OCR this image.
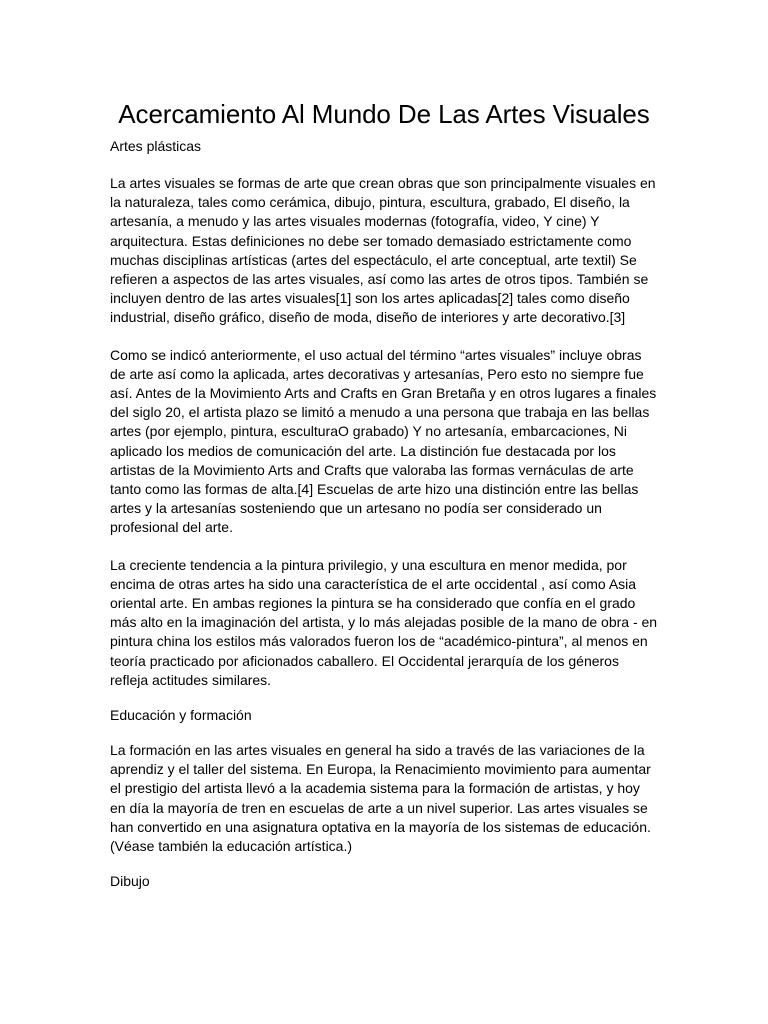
Acercamiento Al Mundo De Las Artes Visuales

Artes plásticas

La artes visuales se formas de arte que crean obras que son principalmente visuales en la naturaleza, tales como cerámica, dibujo, pintura, escultura, grabado, El diseño, la artesanía, a menudo y las artes visuales modernas (fotografía, video, Y cine) Y arquitectura. Estas definiciones no debe ser tomado demasiado estrictamente como muchas disciplinas artísticas (artes del espectáculo, el arte conceptual, arte textil) Se refieren a aspectos de las artes visuales, así como las artes de otros tipos. También se incluyen dentro de las artes visuales[1] son los artes aplicadas[2] tales como diseño industrial, diseño gráfico, diseño de moda, diseño de interiores y arte decorativo.[3]

Como se indicó anteriormente, el uso actual del término “artes visuales” incluye obras de arte así como la aplicada, artes decorativas y artesanías, Pero esto no siempre fue así. Antes de la Movimiento Arts and Crafts en Gran Bretaña y en otros lugares a finales del siglo 20, el artista plazo se limitó a menudo a una persona que trabaja en las bellas artes (por ejemplo, pintura, esculturaO grabado) Y no artesanía, embarcaciones, Ni aplicado los medios de comunicación del arte. La distinción fue destacada por los artistas de la Movimiento Arts and Crafts que valoraba las formas vernáculas de arte tanto como las formas de alta.[4] Escuelas de arte hizo una distinción entre las bellas artes y la artesanías sosteniendo que un artesano no podía ser considerado un profesional del arte.

La creciente tendencia a la pintura privilegio, y una escultura en menor medida, por encima de otras artes ha sido una característica de el arte occidental , así como Asia oriental arte. En ambas regiones la pintura se ha considerado que confía en el grado más alto en la imaginación del artista, y lo más alejadas posible de la mano de obra - en pintura china los estilos más valorados fueron los de “académico-pintura”, al menos en teoría practicado por aficionados caballero. El Occidental jerarquía de los géneros refleja actitudes similares.

Educación y formación

La formación en las artes visuales en general ha sido a través de las variaciones de la aprendiz y el taller del sistema. En Europa, la Renacimiento movimiento para aumentar el prestigio del artista llevó a la academia sistema para la formación de artistas, y hoy en día la mayoría de tren en escuelas de arte a un nivel superior. Las artes visuales se han convertido en una asignatura optativa en la mayoría de los sistemas de educación. (Véase también la educación artística.)

Dibujo
